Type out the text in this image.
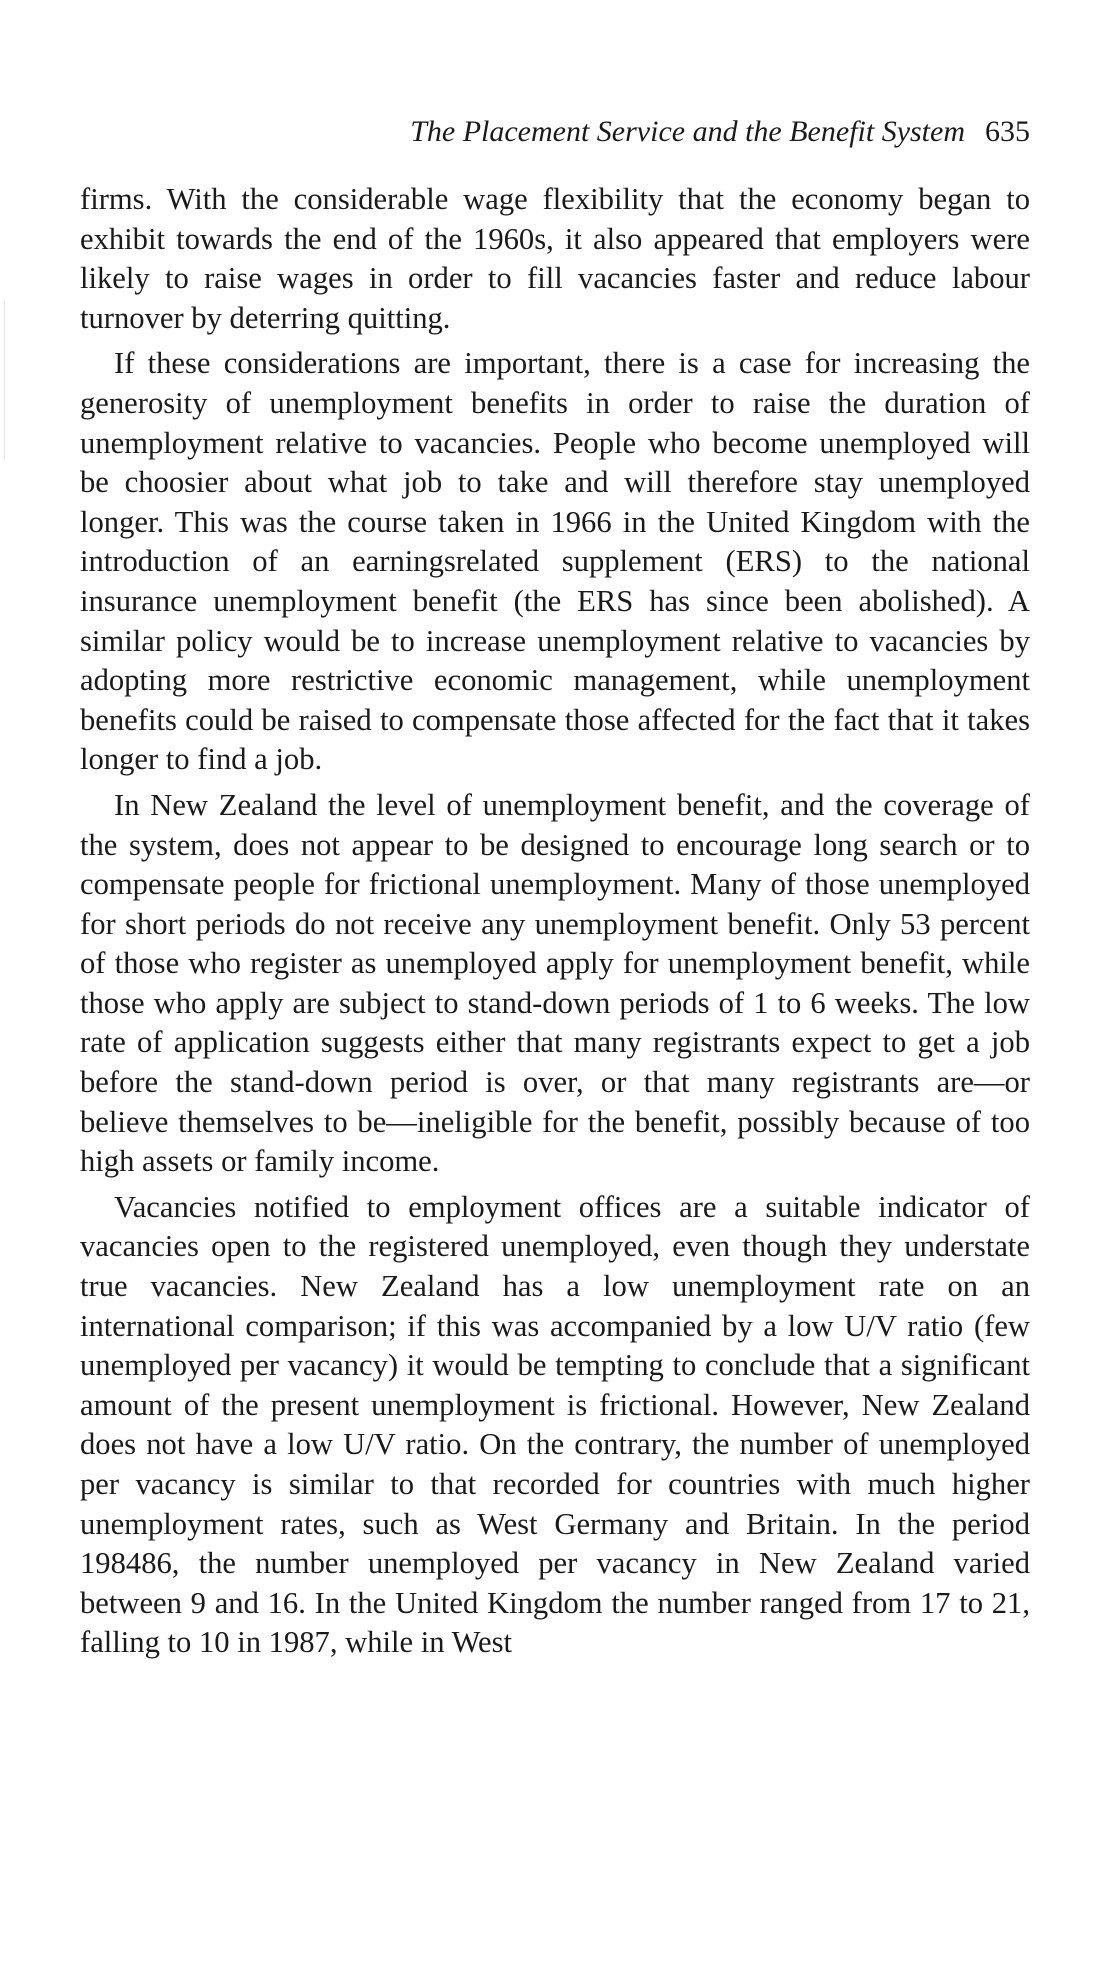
The Placement Service and the Benefit System 635

firms. With the considerable wage flexibility that the economy began to exhibit towards the end of the 1960s, it also appeared that employers were likely to raise wages in order to fill vacancies faster and reduce labour turnover by deterring quitting.

If these considerations are important, there is a case for increasing the generosity of unemployment benefits in order to raise the duration of unemployment relative to vacancies. People who become unemployed will be choosier about what job to take and will therefore stay unemployed longer. This was the course taken in 1966 in the United Kingdom with the introduction of an earningsrelated supplement (ERS) to the national insurance unemployment benefit (the ERS has since been abolished). A similar policy would be to increase unemployment relative to vacancies by adopting more restrictive economic management, while unemployment benefits could be raised to compensate those affected for the fact that it takes longer to find a job.

In New Zealand the level of unemployment benefit, and the coverage of the system, does not appear to be designed to encourage long search or to compensate people for frictional unemployment. Many of those unemployed for short periods do not receive any unemployment benefit. Only 53 percent of those who register as unemployed apply for unemployment benefit, while those who apply are subject to stand-down periods of 1 to 6 weeks. The low rate of application suggests either that many registrants expect to get a job before the stand-down period is over, or that many registrants are—or believe themselves to be—ineligible for the benefit, possibly because of too high assets or family income.

Vacancies notified to employment offices are a suitable indicator of vacancies open to the registered unemployed, even though they understate true vacancies. New Zealand has a low unemployment rate on an international comparison; if this was accompanied by a low U/V ratio (few unemployed per vacancy) it would be tempting to conclude that a significant amount of the present unemployment is frictional. However, New Zealand does not have a low U/V ratio. On the contrary, the number of unemployed per vacancy is similar to that recorded for countries with much higher unemployment rates, such as West Germany and Britain. In the period 198486, the number unemployed per vacancy in New Zealand varied between 9 and 16. In the United Kingdom the number ranged from 17 to 21, falling to 10 in 1987, while in West
